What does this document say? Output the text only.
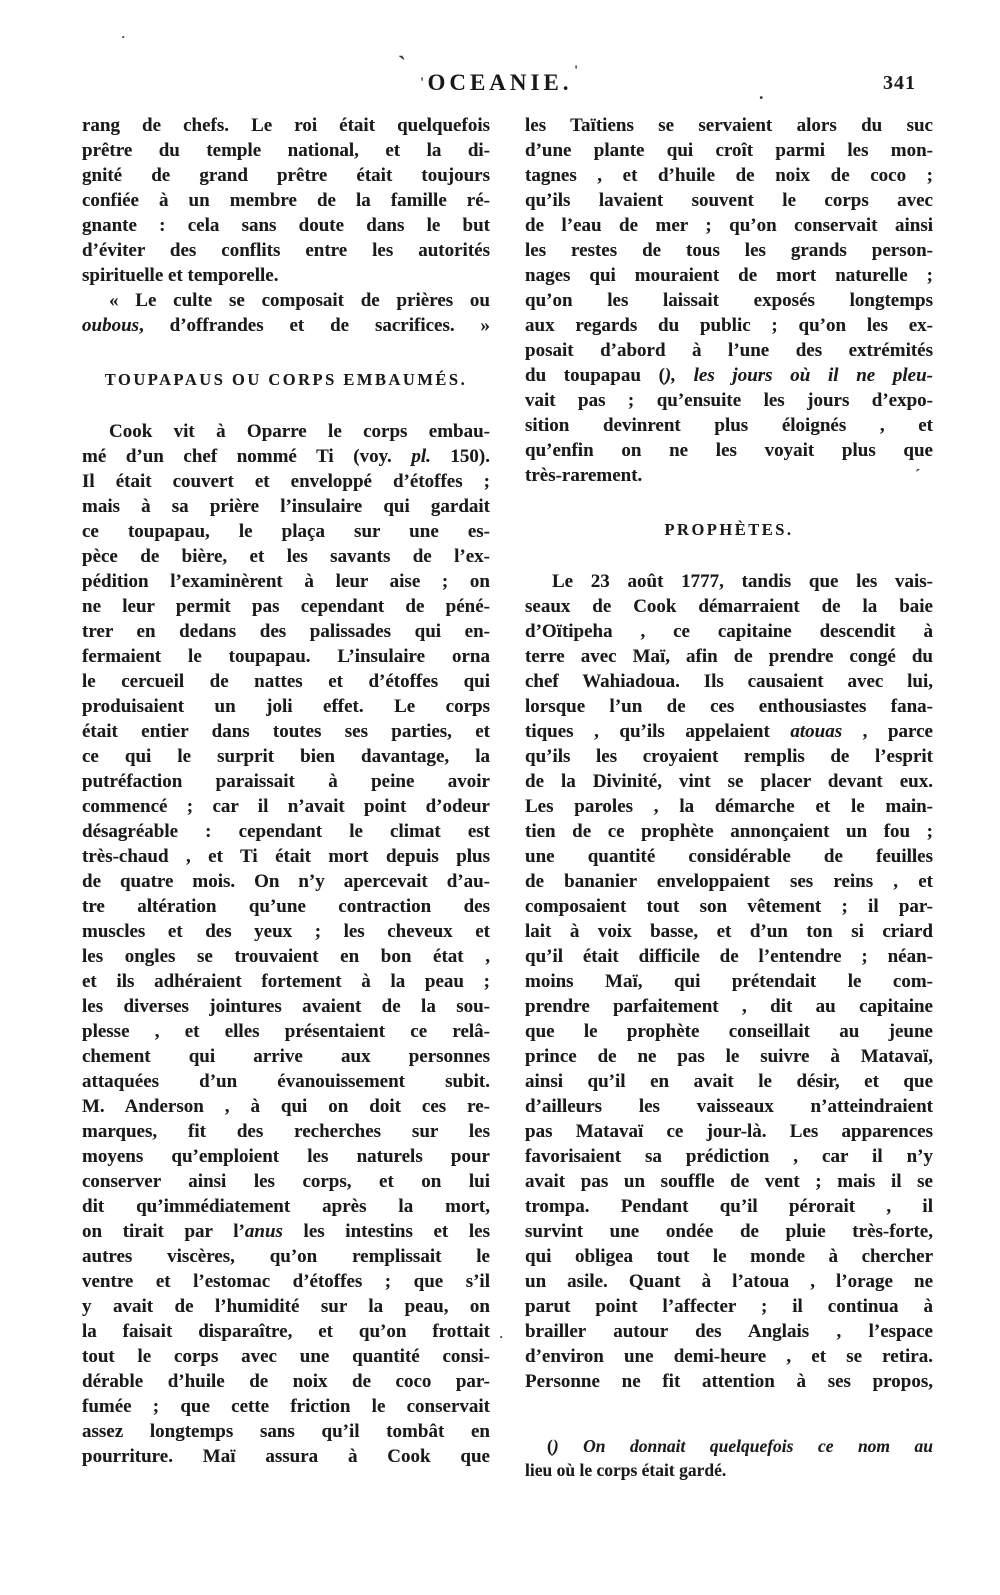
OCEANIE.	341
rang de chefs. Le roi était quelquefois
prêtre du temple national, et la di-
gnité de grand prêtre était toujours
confiée à un membre de la famille ré-
gnante : cela sans doute dans le but
d’éviter des conflits entre les autorités
spirituelle et temporelle.
« Le culte se composait de prières ou
oubous, d’offrandes et de sacrifices. »
TOUPAPAUS OU CORPS EMBAUMÉS.
Cook vit à Oparre le corps embau-
mé d’un chef nommé Ti (voy. pl. 150).
Il était couvert et enveloppé d’étoffes ;
mais à sa prière l’insulaire qui gardait
ce toupapau, le plaça sur une es-
pèce de bière, et les savants de l’ex-
pédition l’examinèrent à leur aise ; on
ne leur permit pas cependant de péné-
trer en dedans des palissades qui en-
fermaient le toupapau. L’insulaire orna
le cercueil de nattes et d’étoffes qui
produisaient un joli effet. Le corps
était entier dans toutes ses parties, et
ce qui le surprit bien davantage, la
putréfaction paraissait à peine avoir
commencé ; car il n’avait point d’odeur
désagréable : cependant le climat est
très-chaud , et Ti était mort depuis plus
de quatre mois. On n’y apercevait d’au-
tre altération qu’une contraction des
muscles et des yeux ; les cheveux et
les ongles se trouvaient en bon état ,
et ils adhéraient fortement à la peau ;
les diverses jointures avaient de la sou-
plesse , et elles présentaient ce relâ-
chement qui arrive aux personnes
attaquées d’un évanouissement subit.
M. Anderson , à qui on doit ces re-
marques, fit des recherches sur les
moyens qu’emploient les naturels pour
conserver ainsi les corps, et on lui
dit qu’immédiatement après la mort,
on tirait par l’anus les intestins et les
autres viscères, qu’on remplissait le
ventre et l’estomac d’étoffes ; que s’il
y avait de l’humidité sur la peau, on
la faisait disparaître, et qu’on frottait
tout le corps avec une quantité consi-
dérable d’huile de noix de coco par-
fumée ; que cette friction le conservait
assez longtemps sans qu’il tombât en
pourriture. Maï assura à Cook que
les Taïtiens se servaient alors du suc
d’une plante qui croît parmi les mon-
tagnes , et d’huile de noix de coco ;
qu’ils lavaient souvent le corps avec
de l’eau de mer ; qu’on conservait ainsi
les restes de tous les grands person-
nages qui mouraient de mort naturelle ;
qu’on les laissait exposés longtemps
aux regards du public ; qu’on les ex-
posait d’abord à l’une des extrémités
du toupapau (), les jours où il ne pleu-
vait pas ; qu’ensuite les jours d’expo-
sition devinrent plus éloignés , et
qu’enfin on ne les voyait plus que
très-rarement.
PROPHÈTES.
Le 23 août 1777, tandis que les vais-
seaux de Cook démarraient de la baie
d’Oïtipeha , ce capitaine descendit à
terre avec Maï, afin de prendre congé du
chef Wahiadoua. Ils causaient avec lui,
lorsque l’un de ces enthousiastes fana-
tiques , qu’ils appelaient atouas , parce
qu’ils les croyaient remplis de l’esprit
de la Divinité, vint se placer devant eux.
Les paroles , la démarche et le main-
tien de ce prophète annonçaient un fou ;
une quantité considérable de feuilles
de bananier enveloppaient ses reins , et
composaient tout son vêtement ; il par-
lait à voix basse, et d’un ton si criard
qu’il était difficile de l’entendre ; néan-
moins Maï, qui prétendait le com-
prendre parfaitement , dit au capitaine
que le prophète conseillait au jeune
prince de ne pas le suivre à Matavaï,
ainsi qu’il en avait le désir, et que
d’ailleurs les vaisseaux n’atteindraient
pas Matavaï ce jour-là. Les apparences
favorisaient sa prédiction , car il n’y
avait pas un souffle de vent ; mais il se
trompa. Pendant qu’il pérorait , il
survint une ondée de pluie très-forte,
qui obligea tout le monde à chercher
un asile. Quant à l’atoua , l’orage ne
parut point l’affecter ; il continua à
brailler autour des Anglais , l’espace
d’environ une demi-heure , et se retira.
Personne ne fit attention à ses propos,
() On donnait quelquefois ce nom au
lieu où le corps était gardé.
`
'
'
.
·
´
·
